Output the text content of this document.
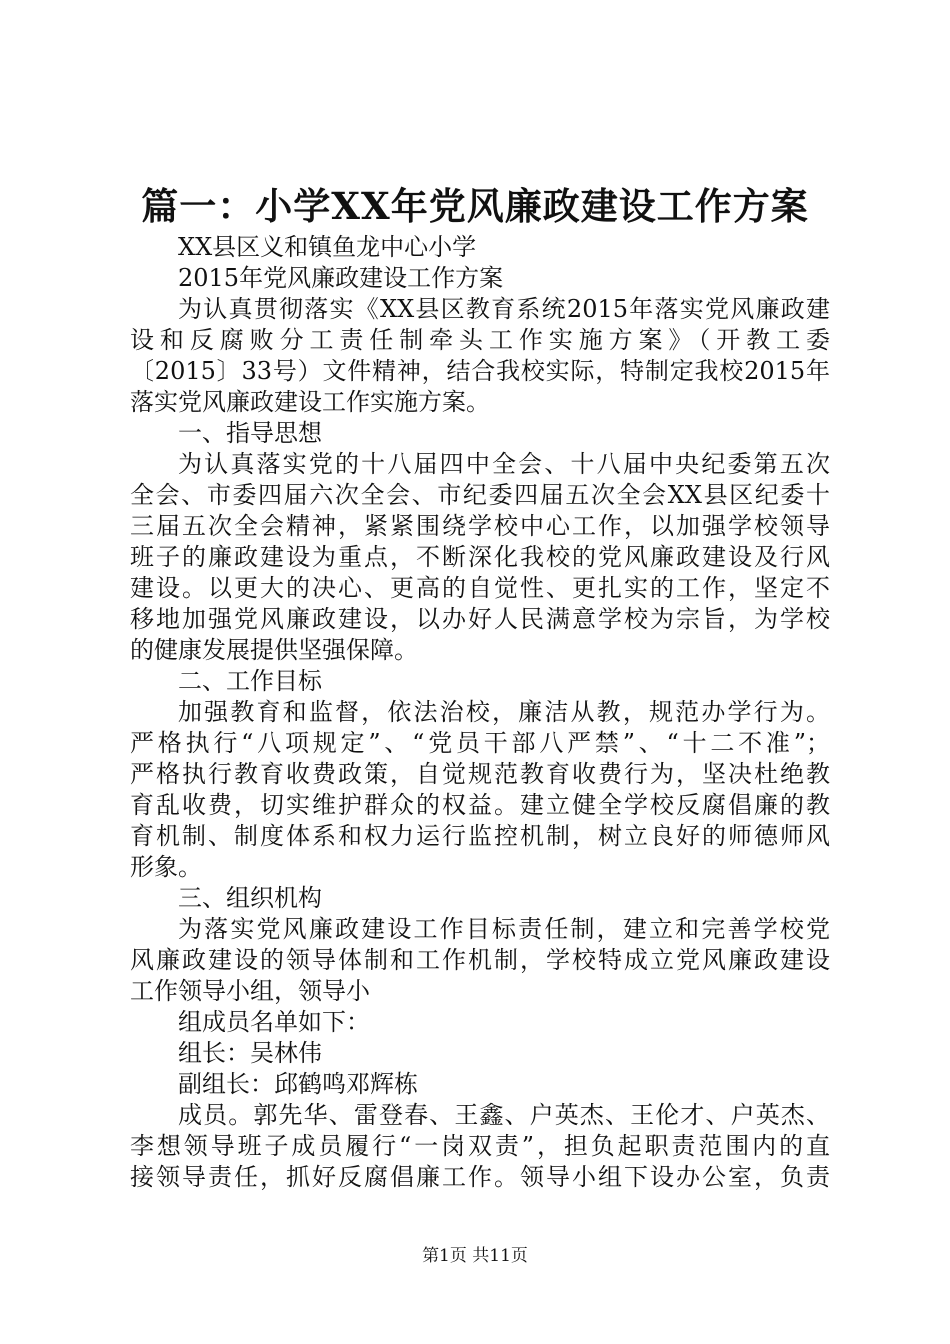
篇一：小学XX年党风廉政建设工作方案
XX县区义和镇鱼龙中心小学
2015年党风廉政建设工作方案
为认真贯彻落实《XX县区教育系统2015年落实党风廉政建
设和反腐败分工责任制牵头工作实施方案》（开教工委
〔2015〕33号）文件精神，结合我校实际，特制定我校2015年
落实党风廉政建设工作实施方案。
一、指导思想
为认真落实党的十八届四中全会、十八届中央纪委第五次
全会、市委四届六次全会、市纪委四届五次全会XX县区纪委十
三届五次全会精神，紧紧围绕学校中心工作，以加强学校领导
班子的廉政建设为重点，不断深化我校的党风廉政建设及行风
建设。以更大的决心、更高的自觉性、更扎实的工作，坚定不
移地加强党风廉政建设，以办好人民满意学校为宗旨，为学校
的健康发展提供坚强保障。
二、工作目标
加强教育和监督，依法治校，廉洁从教，规范办学行为。
严格执行“八项规定”、“党员干部八严禁”、“十二不准”；
严格执行教育收费政策，自觉规范教育收费行为，坚决杜绝教
育乱收费，切实维护群众的权益。建立健全学校反腐倡廉的教
育机制、制度体系和权力运行监控机制，树立良好的师德师风
形象。
三、组织机构
为落实党风廉政建设工作目标责任制，建立和完善学校党
风廉政建设的领导体制和工作机制，学校特成立党风廉政建设
工作领导小组，领导小
组成员名单如下：
组长：吴林伟
副组长：邱鹤鸣邓辉栋
成员。郭先华、雷登春、王鑫、户英杰、王伦才、户英杰、
李想领导班子成员履行“一岗双责”，担负起职责范围内的直
接领导责任，抓好反腐倡廉工作。领导小组下设办公室，负责
第1页 共11页
